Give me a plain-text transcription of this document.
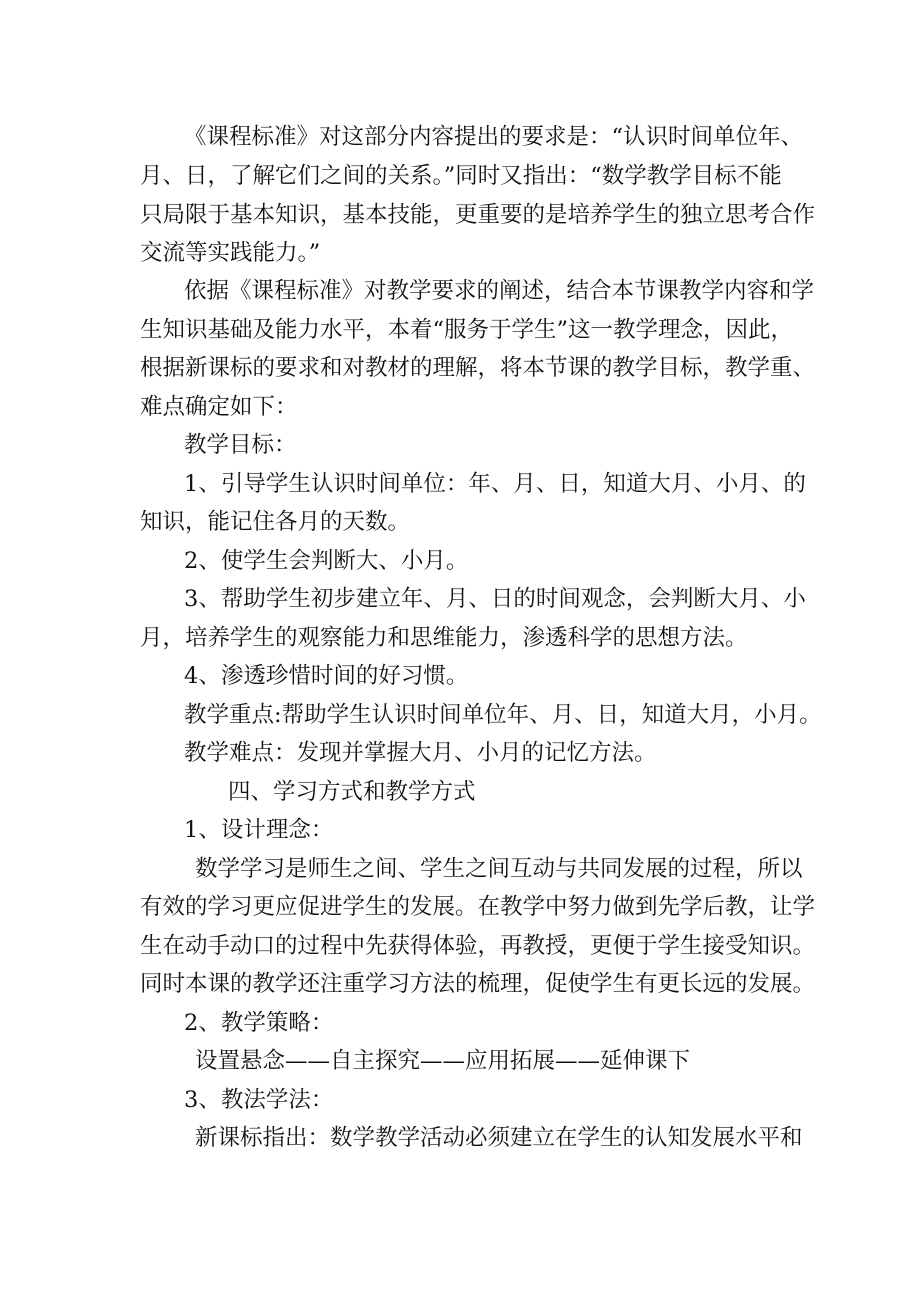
《课程标准》对这部分内容提出的要求是：“认识时间单位年、
月、日，了解它们之间的关系。”同时又指出：“数学教学目标不能
只局限于基本知识，基本技能，更重要的是培养学生的独立思考合作
交流等实践能力。”
依据《课程标准》对教学要求的阐述，结合本节课教学内容和学
生知识基础及能力水平，本着“服务于学生”这一教学理念，因此，
根据新课标的要求和对教材的理解，将本节课的教学目标，教学重、
难点确定如下：
教学目标：
1、引导学生认识时间单位：年、月、日，知道大月、小月、的
知识，能记住各月的天数。
2、使学生会判断大、小月。
3、帮助学生初步建立年、月、日的时间观念，会判断大月、小
月，培养学生的观察能力和思维能力，渗透科学的思想方法。
4、渗透珍惜时间的好习惯。
教学重点:帮助学生认识时间单位年、月、日，知道大月，小月。
教学难点：发现并掌握大月、小月的记忆方法。
四、学习方式和教学方式
1、设计理念：
数学学习是师生之间、学生之间互动与共同发展的过程，所以
有效的学习更应促进学生的发展。在教学中努力做到先学后教，让学
生在动手动口的过程中先获得体验，再教授，更便于学生接受知识。
同时本课的教学还注重学习方法的梳理，促使学生有更长远的发展。
2、教学策略：
设置悬念——自主探究——应用拓展——延伸课下
3、教法学法：
新课标指出：数学教学活动必须建立在学生的认知发展水平和
